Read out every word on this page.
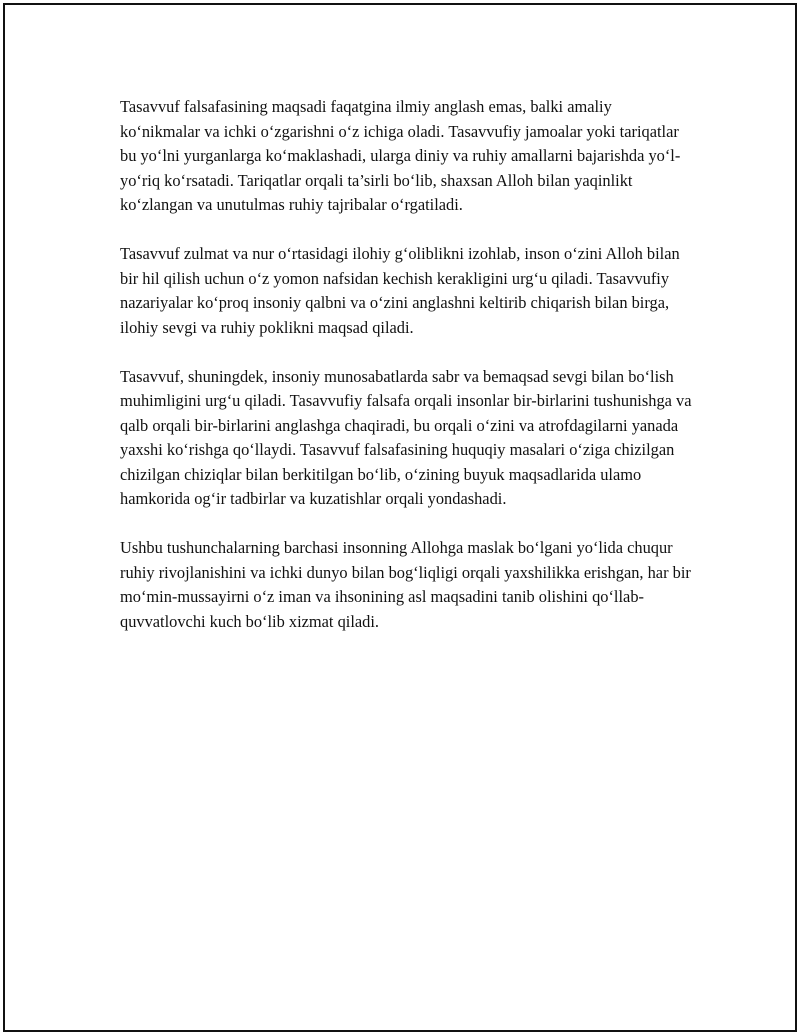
Tasavvuf falsafasining maqsadi faqatgina ilmiy anglash emas, balki amaliy ko‘nikmalar va ichki o‘zgarishni o‘z ichiga oladi. Tasavvufiy jamoalar yoki tariqatlar bu yo‘lni yurganlarga ko‘maklashadi, ularga diniy va ruhiy amallarni bajarishda yo‘l-yo‘riq ko‘rsatadi. Tariqatlar orqali ta’sirli bo‘lib, shaxsan Alloh bilan yaqinlikt ko‘zlangan va unutulmas ruhiy tajribalar o‘rgatiladi.

Tasavvuf zulmat va nur o‘rtasidagi ilohiy g‘oliblikni izohlab, inson o‘zini Alloh bilan bir hil qilish uchun o‘z yomon nafsidan kechish kerakligini urg‘u qiladi. Tasavvufiy nazariyalar ko‘proq insoniy qalbni va o‘zini anglashni keltirib chiqarish bilan birga, ilohiy sevgi va ruhiy poklikni maqsad qiladi.

Tasavvuf, shuningdek, insoniy munosabatlarda sabr va bemaqsad sevgi bilan bo‘lish muhimligini urg‘u qiladi. Tasavvufiy falsafa orqali insonlar bir-birlarini tushunishga va qalb orqali bir-birlarini anglashga chaqiradi, bu orqali o‘zini va atrofdagilarni yanada yaxshi ko‘rishga qo‘llaydi. Tasavvuf falsafasining huquqiy masalari o‘ziga chizilgan chizilgan chiziqlar bilan berkitilgan bo‘lib, o‘zining buyuk maqsadlarida ulamo hamkorida og‘ir tadbirlar va kuzatishlar orqali yondashadi.

Ushbu tushunchalarning barchasi insonning Allohga maslak bo‘lgani yo‘lida chuqur ruhiy rivojlanishini va ichki dunyo bilan bog‘liqligi orqali yaxshilikka erishgan, har bir mo‘min-mussayirni o‘z iman va ihsonining asl maqsadini tanib olishini qo‘llab-quvvatlovchi kuch bo‘lib xizmat qiladi.
